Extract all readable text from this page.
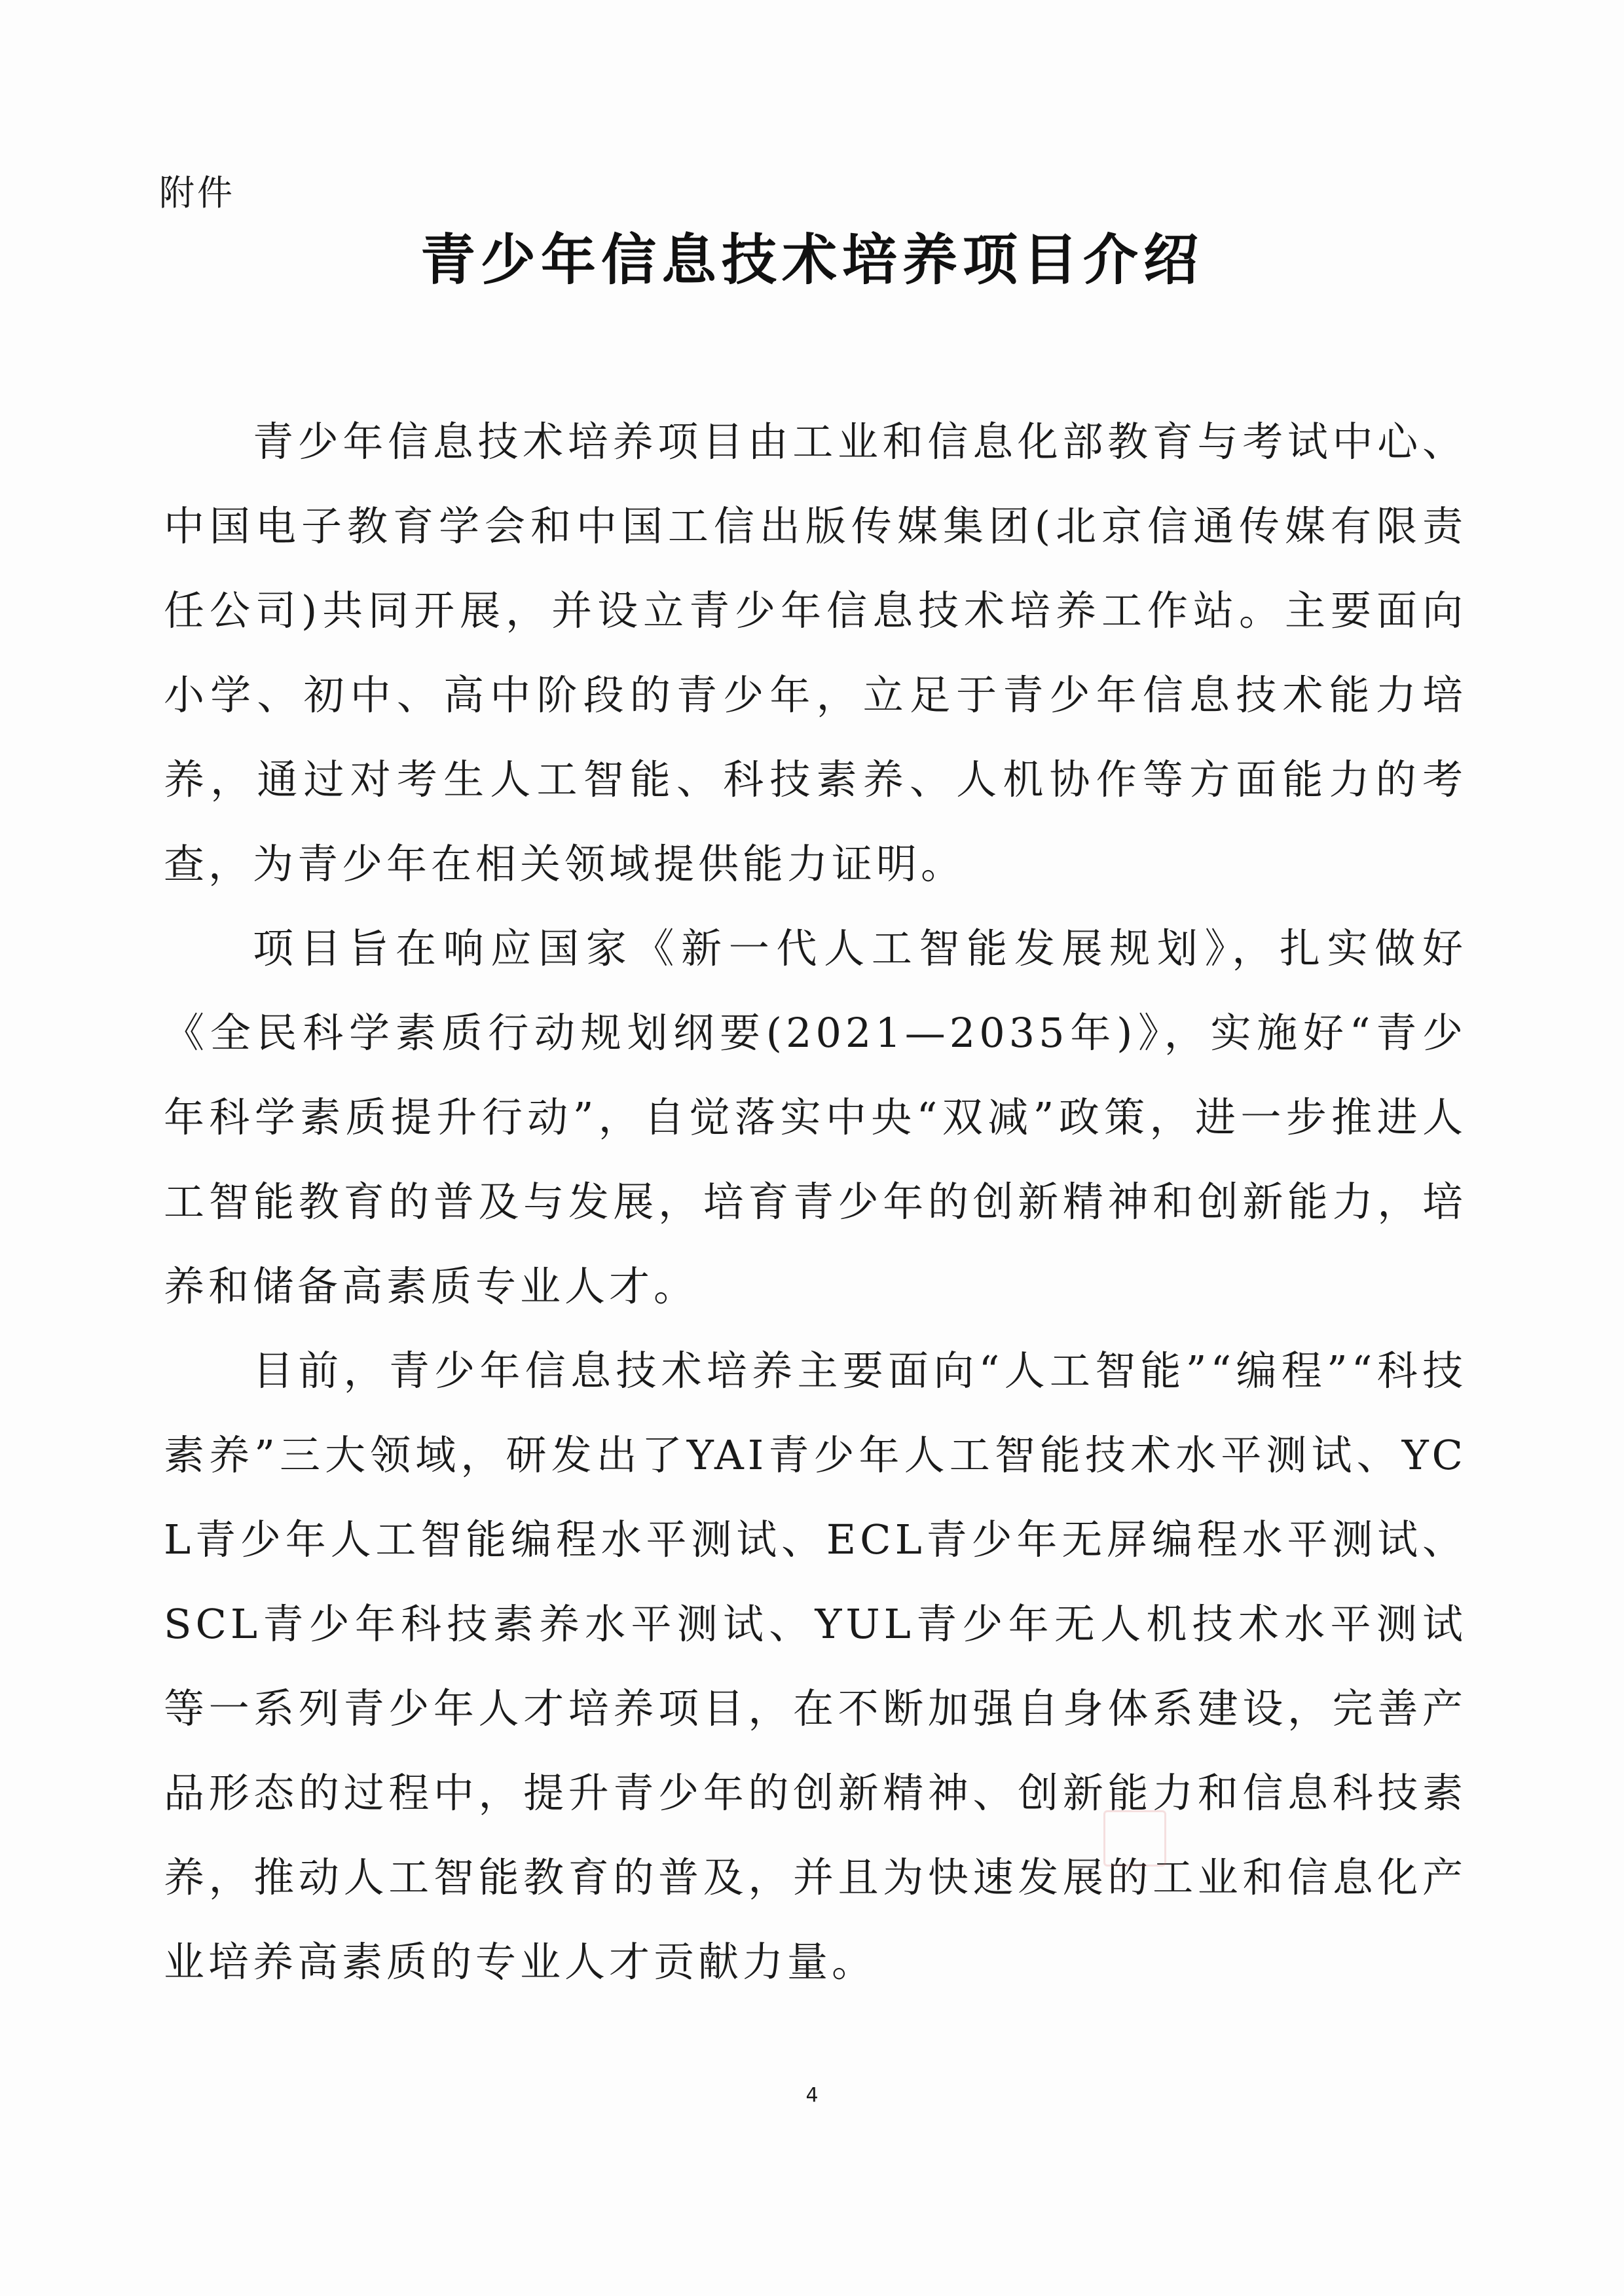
附件
青少年信息技术培养项目介绍

青少年信息技术培养项目由工业和信息化部教育与考试中心、中国电子教育学会和中国工信出版传媒集团(北京信通传媒有限责任公司)共同开展，并设立青少年信息技术培养工作站。主要面向小学、初中、高中阶段的青少年，立足于青少年信息技术能力培养，通过对考生人工智能、科技素养、人机协作等方面能力的考查，为青少年在相关领域提供能力证明。

项目旨在响应国家《新一代人工智能发展规划》，扎实做好《全民科学素质行动规划纲要(2021—2035年)》，实施好“青少年科学素质提升行动”，自觉落实中央“双减”政策，进一步推进人工智能教育的普及与发展，培育青少年的创新精神和创新能力，培养和储备高素质专业人才。

目前，青少年信息技术培养主要面向“人工智能”“编程”“科技素养”三大领域，研发出了YAI青少年人工智能技术水平测试、YCL青少年人工智能编程水平测试、ECL青少年无屏编程水平测试、SCL青少年科技素养水平测试、YUL青少年无人机技术水平测试等一系列青少年人才培养项目，在不断加强自身体系建设，完善产品形态的过程中，提升青少年的创新精神、创新能力和信息科技素养，推动人工智能教育的普及，并且为快速发展的工业和信息化产业培养高素质的专业人才贡献力量。

4
